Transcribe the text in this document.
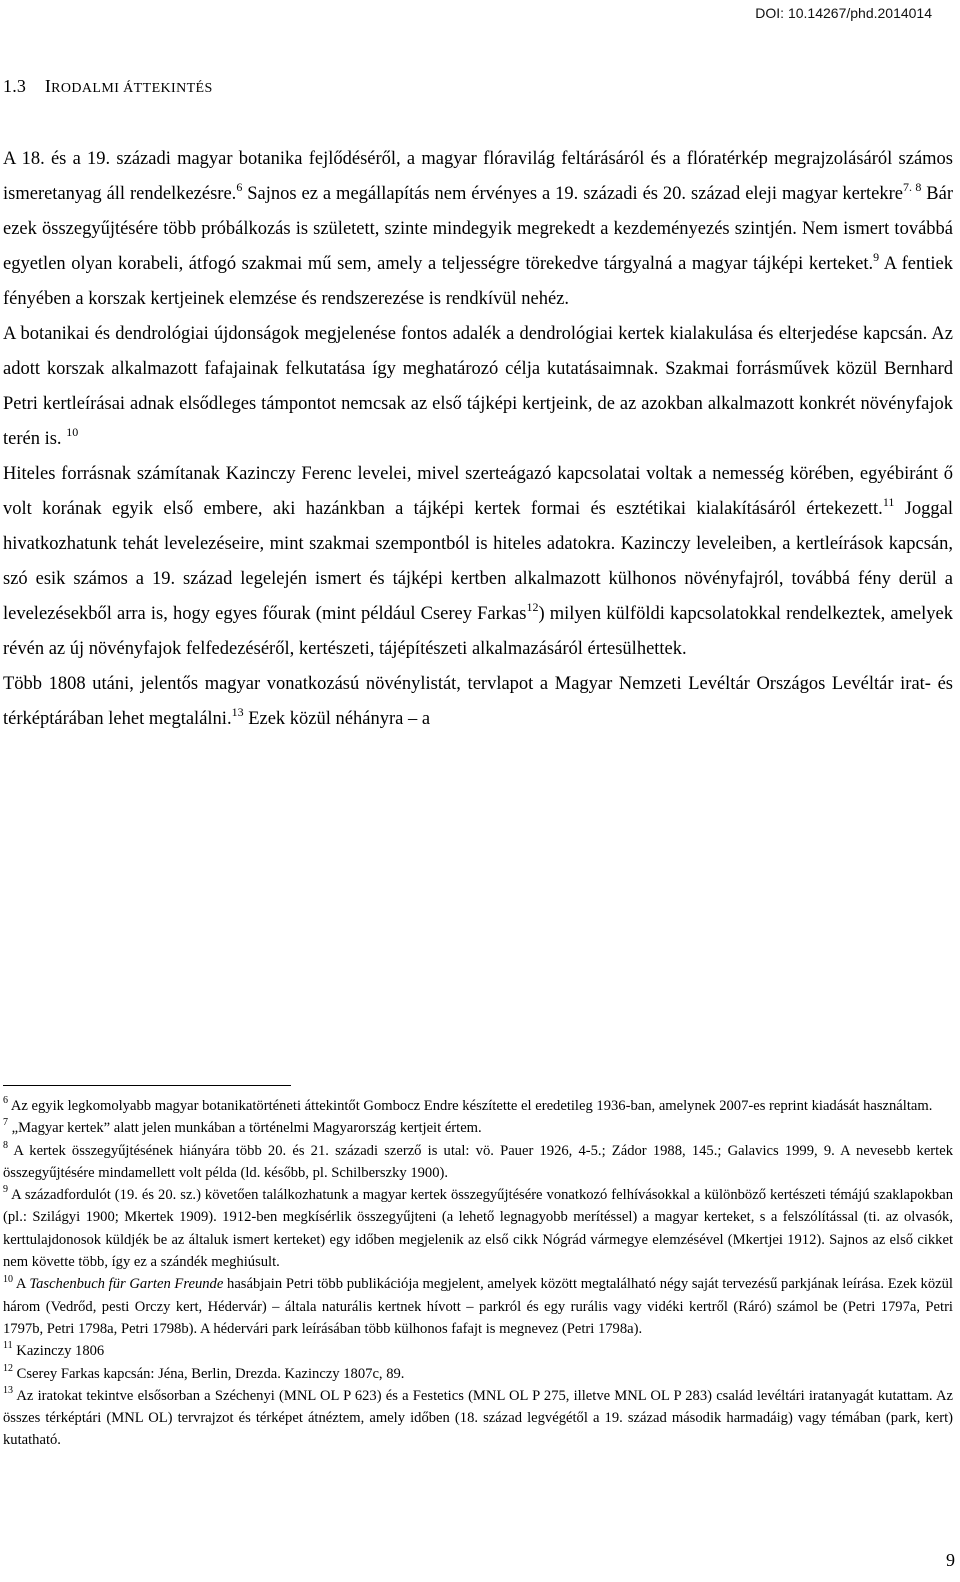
DOI: 10.14267/phd.2014014
1.3 IRODALMI ÁTTEKINTÉS

A 18. és a 19. századi magyar botanika fejlődéséről, a magyar flóravilág feltárásáról és a flóratérkép megrajzolásáról számos ismeretanyag áll rendelkezésre.$^6$ Sajnos ez a megállapítás nem érvényes a 19. századi és 20. század eleji magyar kertekre$^{7. 8}$ Bár ezek összegyűjtésére több próbálkozás is született, szinte mindegyik megrekedt a kezdeményezés szintjén. Nem ismert továbbá egyetlen olyan korabeli, átfogó szakmai mű sem, amely a teljességre törekedve tárgyalná a magyar tájképi kerteket.$^9$ A fentiek fényében a korszak kertjeinek elemzése és rendszerezése is rendkívül nehéz.

A botanikai és dendrológiai újdonságok megjelenése fontos adalék a dendrológiai kertek kialakulása és elterjedése kapcsán. Az adott korszak alkalmazott fafajainak felkutatása így meghatározó célja kutatásaimnak. Szakmai forrásművek közül Bernhard Petri kertleírásai adnak elsődleges támpontot nemcsak az első tájképi kertjeink, de az azokban alkalmazott konkrét növényfajok terén is. $^{10}$

Hiteles forrásnak számítanak Kazinczy Ferenc levelei, mivel szerteágazó kapcsolatai voltak a nemesség körében, egyébiránt ő volt korának egyik első embere, aki hazánkban a tájképi kertek formai és esztétikai kialakításáról értekezett.$^{11}$ Joggal hivatkozhatunk tehát levelezéseire, mint szakmai szempontból is hiteles adatokra. Kazinczy leveleiben, a kertleírások kapcsán, szó esik számos a 19. század legelején ismert és tájképi kertben alkalmazott külhonos növényfajról, továbbá fény derül a levelezésekből arra is, hogy egyes főurak (mint például Cserey Farkas$^{12}$) milyen külföldi kapcsolatokkal rendelkeztek, amelyek révén az új növényfajok felfedezéséről, kertészeti, tájépítészeti alkalmazásáról értesülhettek.

Több 1808 utáni, jelentős magyar vonatkozású növénylistát, tervlapot a Magyar Nemzeti Levéltár Országos Levéltár irat- és térképtárában lehet megtalálni.$^{13}$ Ezek közül néhányra – a

$^6$ Az egyik legkomolyabb magyar botanikatörténeti áttekintőt Gombocz Endre készítette el eredetileg 1936-ban, amelynek 2007-es reprint kiadását használtam.

$^7$ „Magyar kertek” alatt jelen munkában a történelmi Magyarország kertjeit értem.

$^8$ A kertek összegyűjtésének hiányára több 20. és 21. századi szerző is utal: vö. Pauer 1926, 4-5.; Zádor 1988, 145.; Galavics 1999, 9. A nevesebb kertek összegyűjtésére mindamellett volt példa (ld. később, pl. Schilberszky 1900).

$^9$ A századfordulót (19. és 20. sz.) követően találkozhatunk a magyar kertek összegyűjtésére vonatkozó felhívásokkal a különböző kertészeti témájú szaklapokban (pl.: Szilágyi 1900; Mkertek 1909). 1912-ben megkísérlik összegyűjteni (a lehető legnagyobb merítéssel) a magyar kerteket, s a felszólítással (ti. az olvasók, kerttulajdonosok küldjék be az általuk ismert kerteket) egy időben megjelenik az első cikk Nógrád vármegye elemzésével (Mkertjei 1912). Sajnos az első cikket nem követte több, így ez a szándék meghiúsult.

$^{10}$ A Taschenbuch für Garten Freunde hasábjain Petri több publikációja megjelent, amelyek között megtalálható négy saját tervezésű parkjának leírása. Ezek közül három (Vedrőd, pesti Orczy kert, Hédervár) – általa naturális kertnek hívott – parkról és egy rurális vagy vidéki kertről (Ráró) számol be (Petri 1797a, Petri 1797b, Petri 1798a, Petri 1798b). A hédervári park leírásában több külhonos fafajt is megnevez (Petri 1798a).

$^{11}$ Kazinczy 1806

$^{12}$ Cserey Farkas kapcsán: Jéna, Berlin, Drezda. Kazinczy 1807c, 89.

$^{13}$ Az iratokat tekintve elsősorban a Széchenyi (MNL OL P 623) és a Festetics (MNL OL P 275, illetve MNL OL P 283) család levéltári iratanyagát kutattam. Az összes térképtári (MNL OL) tervrajzot és térképet átnéztem, amely időben (18. század legvégétől a 19. század második harmadáig) vagy témában (park, kert) kutatható.

9
